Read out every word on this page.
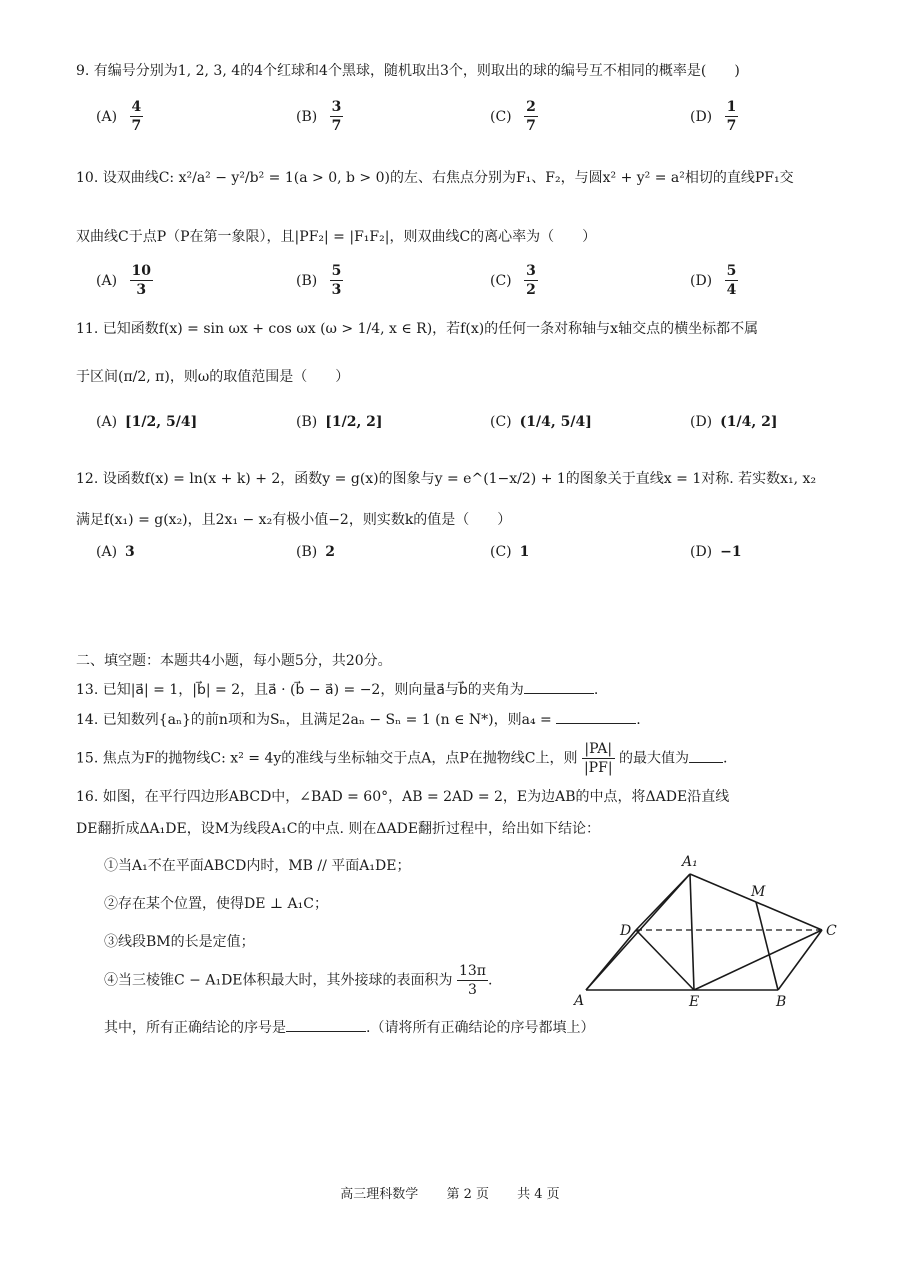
9. 有编号分别为1, 2, 3, 4的4个红球和4个黑球，随机取出3个，则取出的球的编号互不相同的概率是(　　)
$(A) \frac{4}{7}$	$(B) \frac{3}{7}$	$(C) \frac{2}{7}$	$(D) \frac{1}{7}$
10. 设双曲线C: x²/a² − y²/b² = 1(a > 0, b > 0)的左、右焦点分别为F₁、F₂，与圆x² + y² = a²相切的直线PF₁交
双曲线C于点P（P在第一象限），且|PF₂| = |F₁F₂|，则双曲线C的离心率为（　　）
$(A) \frac{10}{3}$	$(B) \frac{5}{3}$	$(C) \frac{3}{2}$	$(D) \frac{5}{4}$
11. 已知函数f(x) = sin ωx + cos ωx (ω > 1/4, x ∈ R)，若f(x)的任何一条对称轴与x轴交点的横坐标都不属
于区间(π/2, π)，则ω的取值范围是（　　）
(A) [1/2, 5/4]	(B) [1/2, 2]	(C) (1/4, 5/4]	(D) (1/4, 2]
12. 设函数f(x) = ln(x + k) + 2，函数y = g(x)的图象与y = e^(1−x/2) + 1的图象关于直线x = 1对称. 若实数x₁, x₂
满足f(x₁) = g(x₂)，且2x₁ − x₂有极小值−2，则实数k的值是（　　）
(A) 3	(B) 2	(C) 1	(D) −1
二、填空题：本题共4小题，每小题5分，共20分。
13. 已知|a⃗| = 1，|b⃗| = 2，且a⃗ · (b⃗ − a⃗) = −2，则向量a⃗与b⃗的夹角为	.
14. 已知数列{aₙ}的前n项和为Sₙ，且满足2aₙ − Sₙ = 1 (n ∈ N*)，则a₄ =	.
15. 焦点为F的抛物线C: x² = 4y的准线与坐标轴交于点A，点P在抛物线C上，则 $\frac{|PA|}{|PF|}$ 的最大值为 .
16. 如图，在平行四边形ABCD中，∠BAD = 60°，AB = 2AD = 2，E为边AB的中点，将ΔADE沿直线
DE翻折成ΔA₁DE，设M为线段A₁C的中点. 则在ΔADE翻折过程中，给出如下结论：
①当A₁不在平面ABCD内时，MB // 平面A₁DE；
②存在某个位置，使得DE ⊥ A₁C；
③线段BM的长是定值；
④当三棱锥C − A₁DE体积最大时，其外接球的表面积为 $\frac{13\pi}{3}$ .
其中，所有正确结论的序号是	.（请将所有正确结论的序号都填上）
A₁
M
D	C
A	E	B
高三理科数学 第 2 页 共 4 页
